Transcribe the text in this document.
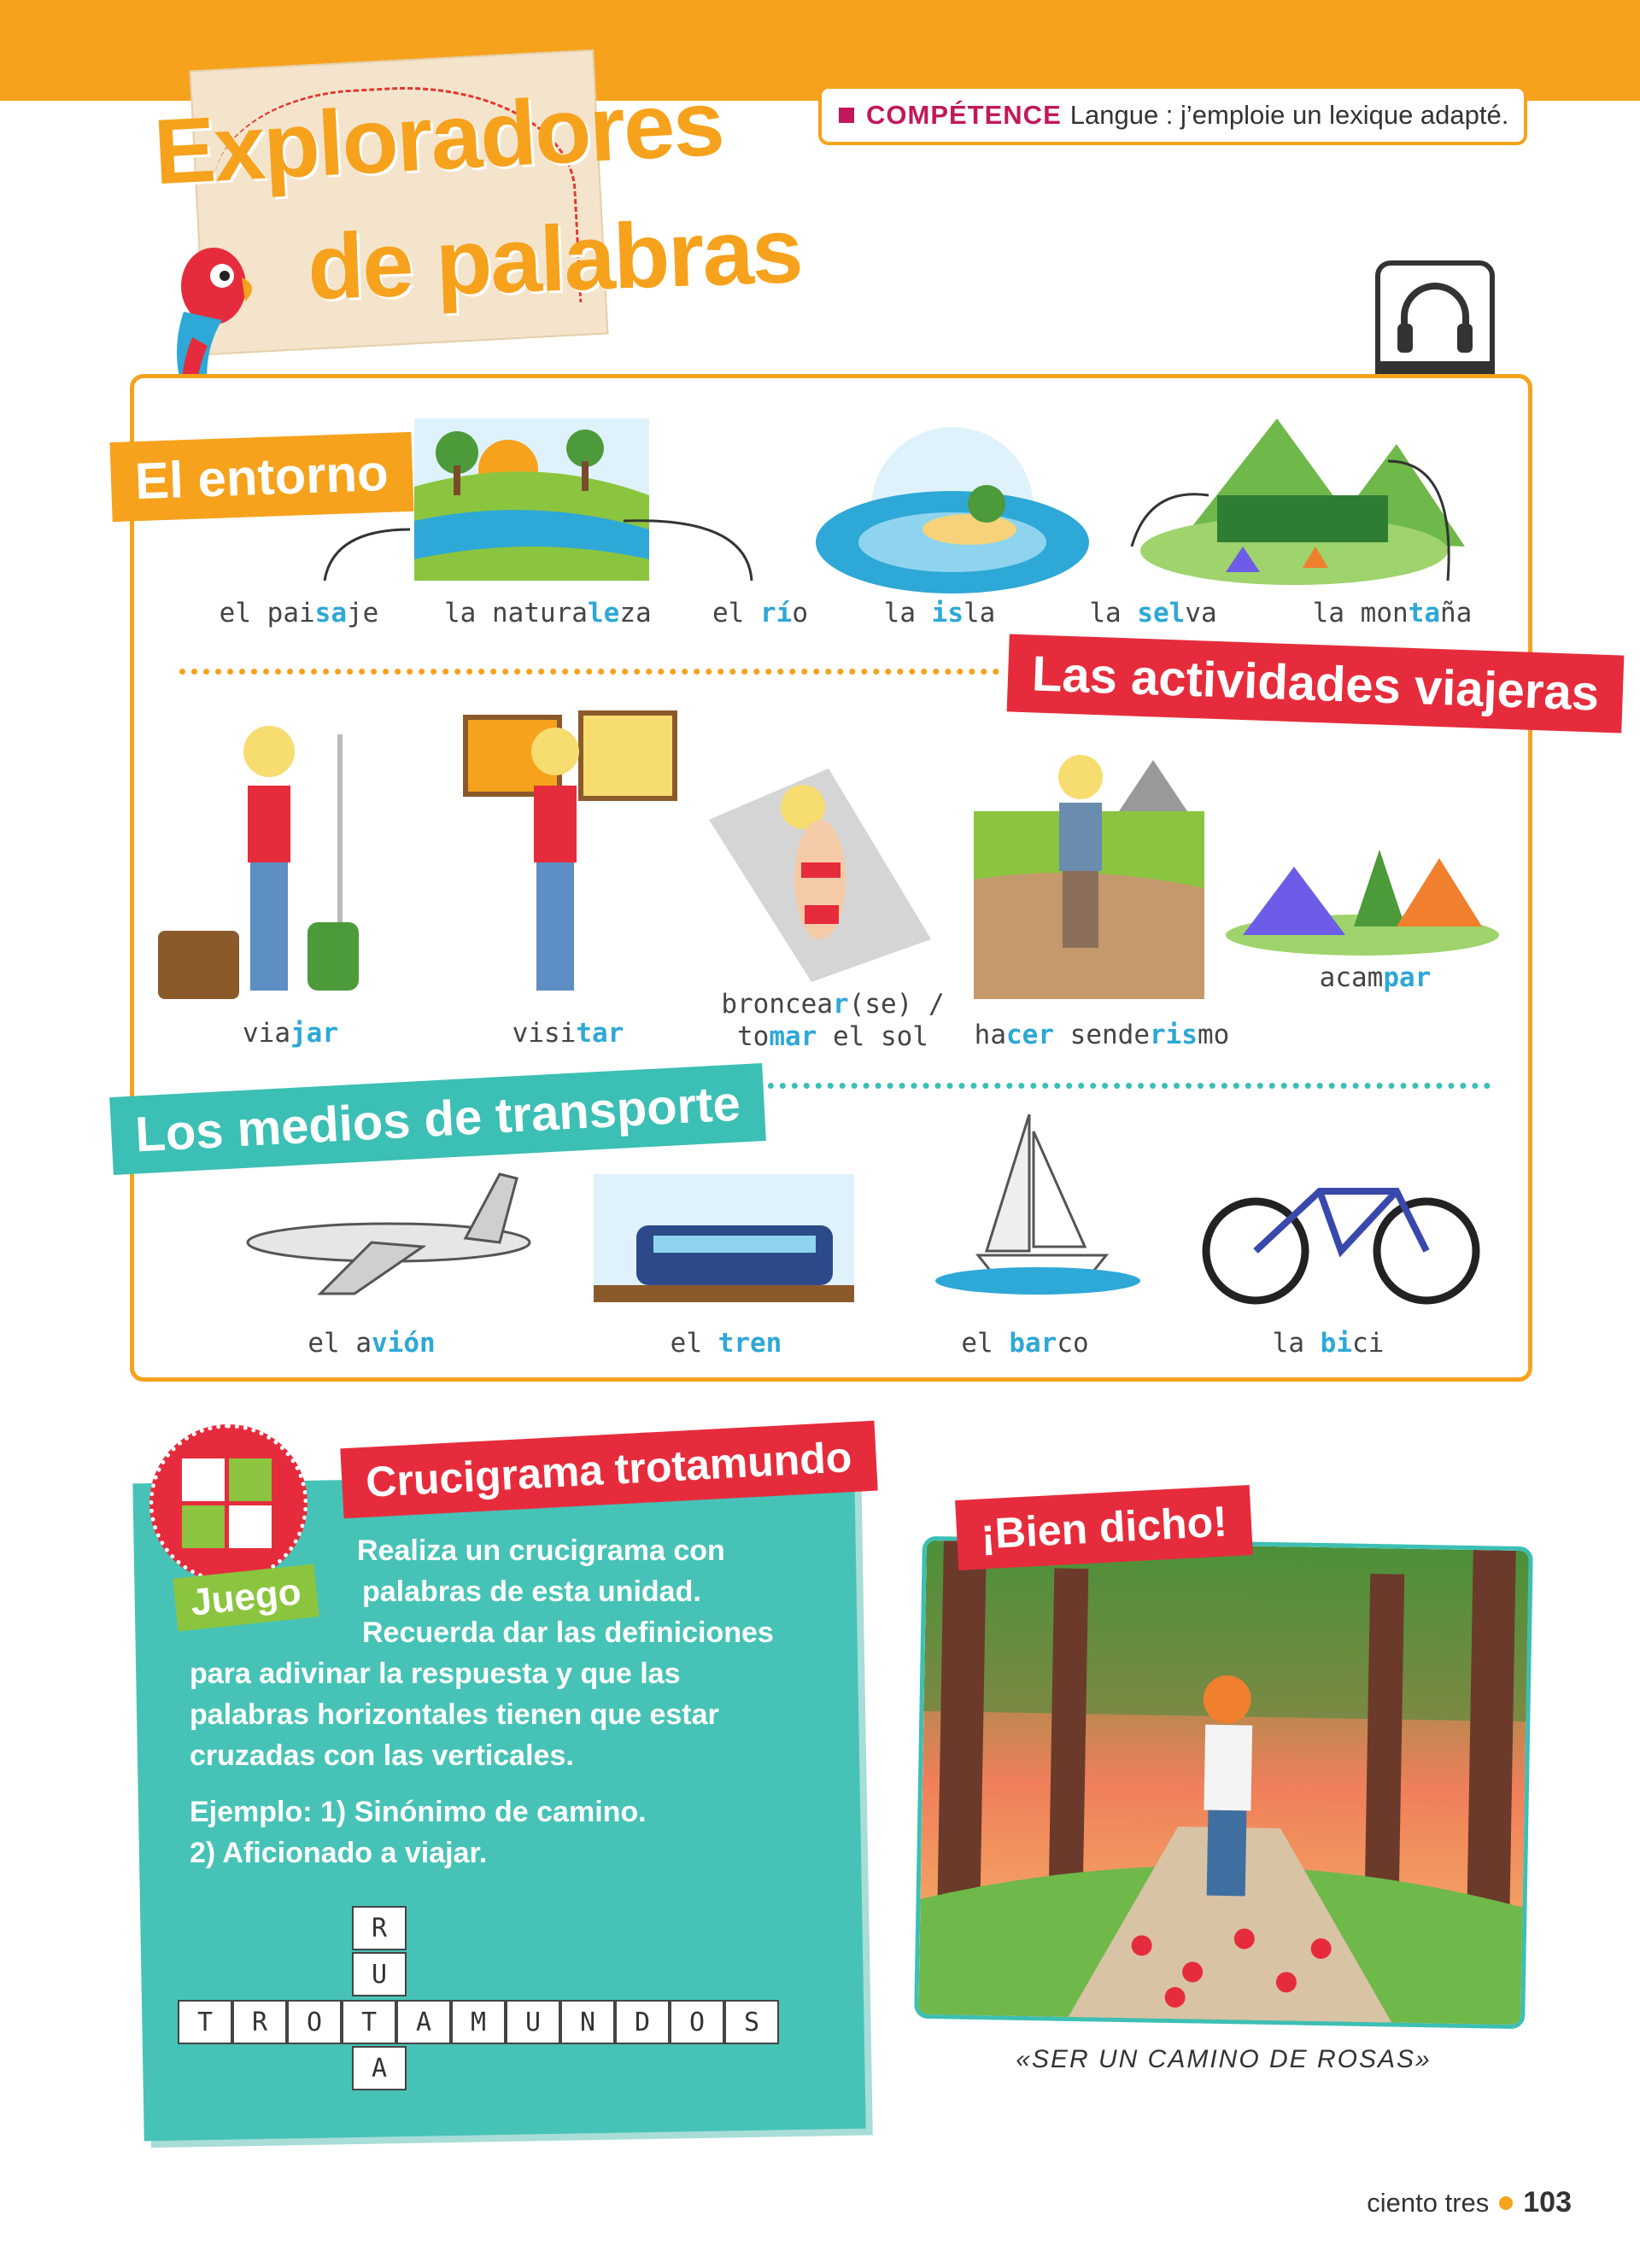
Exploradores
de palabras
COMPÉTENCE Langue : j’emploie un lexique adapté.
El entorno
el paisaje la naturaleza	el río	la isla	la selva	la montaña
Las actividades viajeras
viajar	visitar
broncear(se) /
tomar el sol	hacer senderismo
acampar
Los medios de transporte
el avión	el tren	el barco	la bici
Juego
Crucigrama trotamundo
Realiza un crucigrama con
palabras de esta unidad.
Recuerda dar las definiciones
para adivinar la respuesta y que las
palabras horizontales tienen que estar
cruzadas con las verticales.
Ejemplo: 1) Sinónimo de camino.
2) Aficionado a viajar.
R
U
T	R	O	T	A	M	U	N	D	O	S
A
¡Bien dicho!
«SER UN CAMINO DE ROSAS»
ciento tres 103
